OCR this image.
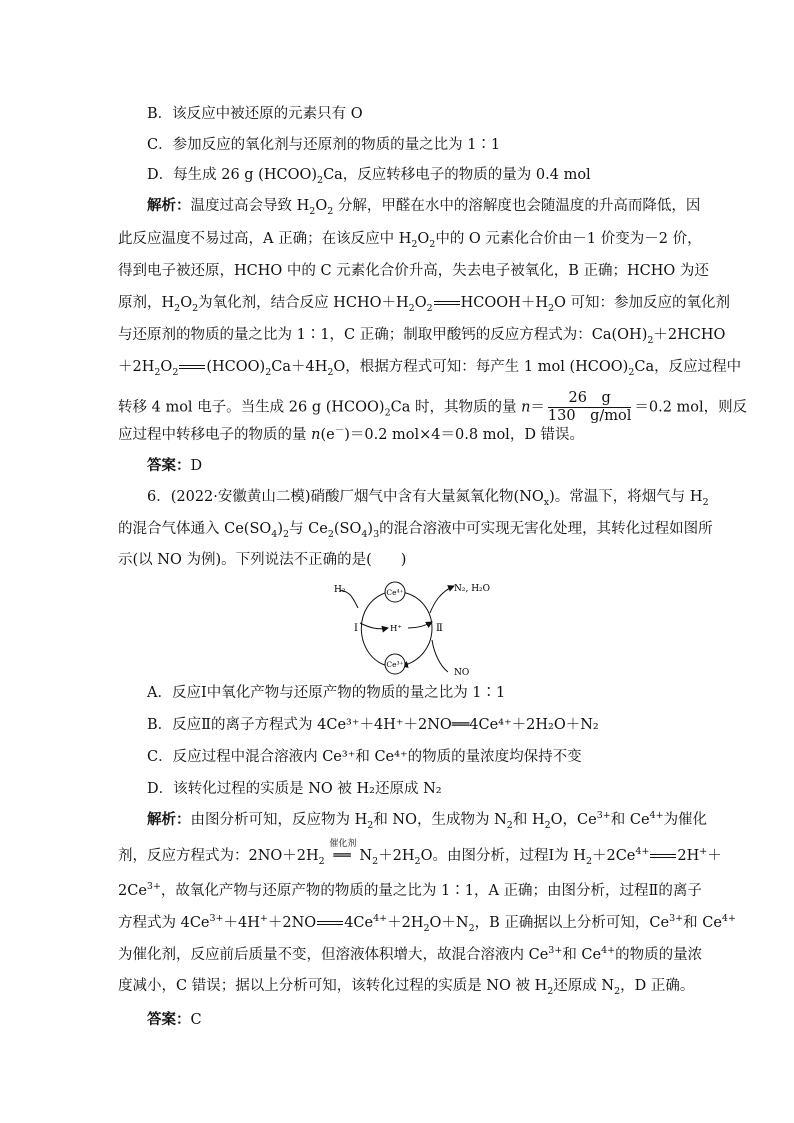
B．该反应中被还原的元素只有 O
C．参加反应的氧化剂与还原剂的物质的量之比为 1∶1
D．每生成 26 g $(HCOO)_2Ca$，反应转移电子的物质的量为 0.4 mol
解析：温度过高会导致 $H_2O_2$ 分解，甲醛在水中的溶解度也会随温度的升高而降低，因
此反应温度不易过高，A 正确；在该反应中 $H_2O_2$中的 O 元素化合价由－1 价变为－2 价，
得到电子被还原，HCHO 中的 C 元素化合价升高，失去电子被氧化，B 正确；HCHO 为还
原剂，$H_2O_2$为氧化剂，结合反应 $HCHO+H_2O_2$ $HCOOH+H_2O$ 可知：参加反应的氧化剂
与还原剂的物质的量之比为 1∶1，C 正确；制取甲酸钙的反应方程式为：$Ca(OH)_2+2HCHO$
$+2H_2O_2$ $(HCOO)_2Ca+4H_2O$，根据方程式可知：每产生 1 mol $(HCOO)_2Ca$，反应过程中
转移 4 mol 电子。当生成 26 g $(HCOO)_2Ca$ 时，其物质的量 $n= \frac{26 g}{\text{130　g/mol}} =0.2$ mol，则反
应过程中转移电子的物质的量 n(e－)＝0.2 mol×4＝0.8 mol，D 错误。
答案：D
6．(2022·安徽黄山二模)硝酸厂烟气中含有大量氮氧化物$(NO_x)$。常温下，将烟气与 $H_2$
的混合气体通入 $Ce(SO_4)_2$与 $Ce_2(SO_4)_3$的混合溶液中可实现无害化处理，其转化过程如图所
示(以 NO 为例)。下列说法不正确的是(　　)
Ce⁴⁺
Ce³⁺
H₂
H⁺
N₂, H₂O
NO
Ⅰ	Ⅱ
A．反应Ⅰ中氧化产物与还原产物的物质的量之比为 1∶1
B．反应Ⅱ的离子方程式为 4Ce³⁺＋4H⁺＋2NO══4Ce⁴⁺＋2H₂O＋N₂
C．反应过程中混合溶液内 Ce³⁺和 Ce⁴⁺的物质的量浓度均保持不变
D．该转化过程的实质是 NO 被 H₂还原成 N₂
解析：由图分析可知，反应物为 $H_2$和 NO，生成物为 $N_2$和 $H_2O$，$Ce^{3+}$和 $Ce^{4+}$为催化
剂，反应方程式为：$2NO+2H_2$
催化剂
══ $N_2+2H_2O$。由图分析，过程Ⅰ为 $H_2+2Ce^{4+}$ 2H+＋
$2Ce^{3+}$，故氧化产物与还原产物的物质的量之比为 1∶1，A 正确；由图分析，过程Ⅱ的离子
方程式为 $4Ce^{3+}+4H^++2NO$ $4Ce^{4+}+2H_2O+N_2$，B 正确据以上分析可知，$Ce^{3+}$和 $Ce^{4+}$
为催化剂，反应前后质量不变，但溶液体积增大，故混合溶液内 $Ce^{3+}$和 $Ce^{4+}$的物质的量浓
度减小，C 错误；据以上分析可知，该转化过程的实质是 NO 被 $H_2$还原成 $N_2$，D 正确。
答案：C
